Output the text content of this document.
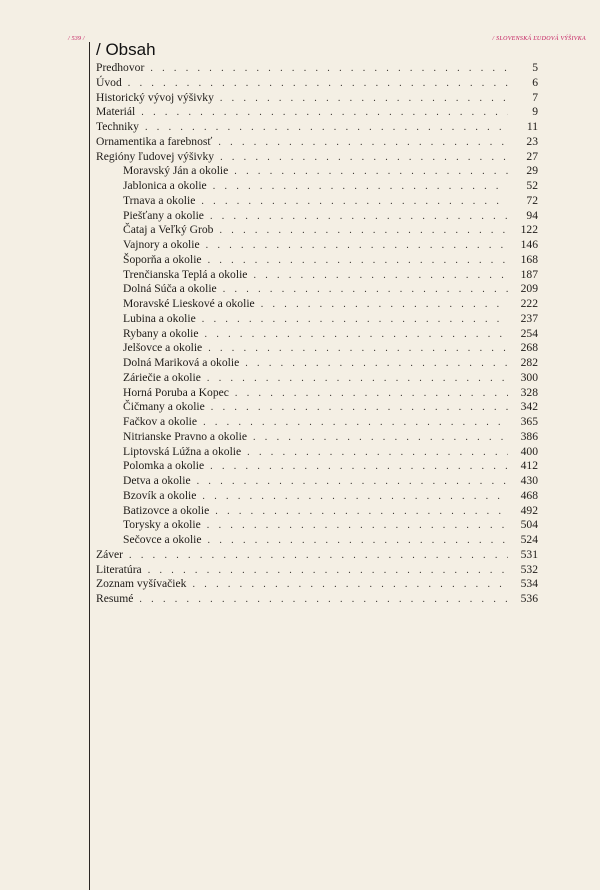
/ 539 /	/ SLOVENSKÁ ĽUDOVÁ VÝŠIVKA
/ Obsah
Predhovor . . .	5
Úvod . . .	6
Historický vývoj výšivky . . .	7
Materiál . . .	9
Techniky . . .	11
Ornamentika a farebnosť . . .	23
Regióny ľudovej výšivky . . .	27
Moravský Ján a okolie . . .	29
Jablonica a okolie . . .	52
Trnava a okolie . . .	72
Piešťany a okolie . . .	94
Čataj a Veľký Grob . . .	122
Vajnory a okolie . . .	146
Šoporňa a okolie . . .	168
Trenčianska Teplá a okolie . . .	187
Dolná Súča a okolie . . .	209
Moravské Lieskové a okolie . . .	222
Lubina a okolie . . .	237
Rybany a okolie . . .	254
Jelšovce a okolie . . .	268
Dolná Mariková a okolie . . .	282
Záriečie a okolie . . .	300
Horná Poruba a Kopec . . .	328
Čičmany a okolie . . .	342
Fačkov a okolie . . .	365
Nitrianske Pravno a okolie . . .	386
Liptovská Lúžna a okolie . . .	400
Polomka a okolie . . .	412
Detva a okolie . . .	430
Bzovík a okolie . . .	468
Batizovce a okolie . . .	492
Torysky a okolie . . .	504
Sečovce a okolie . . .	524
Záver . . .	531
Literatúra . . .	532
Zoznam vyšívačiek . . .	534
Resumé . . .	536
